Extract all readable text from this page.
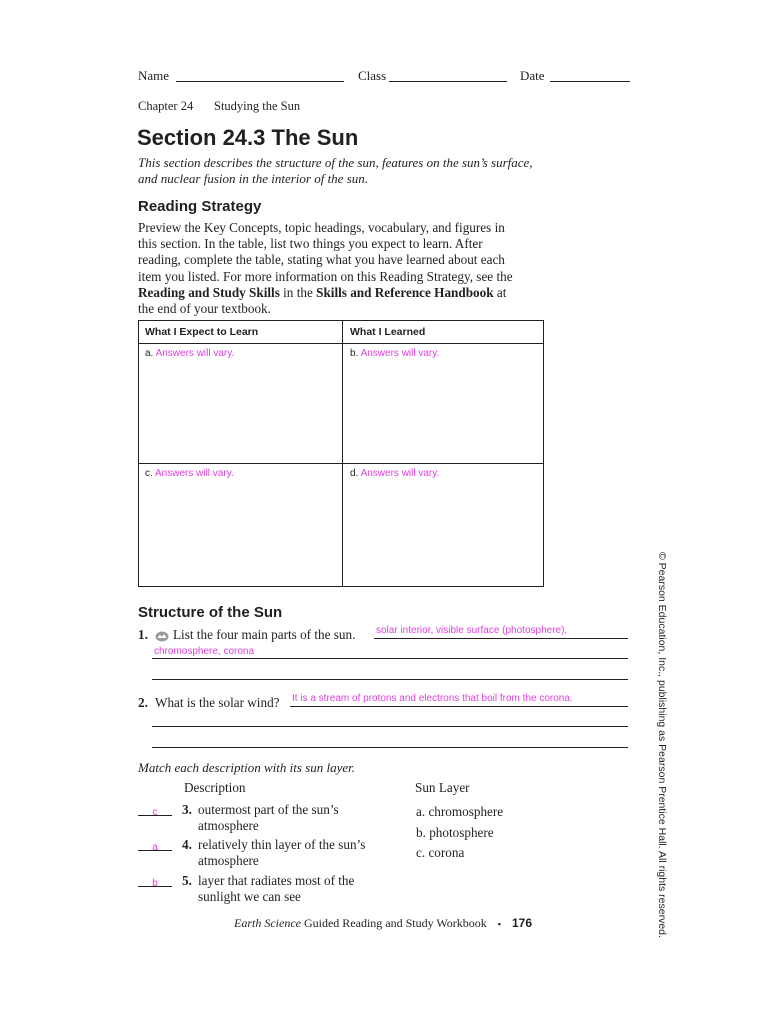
Name	Class	Date
Chapter 24 Studying the Sun
Section 24.3 The Sun
This section describes the structure of the sun, features on the sun’s surface,
and nuclear fusion in the interior of the sun.
Reading Strategy
Preview the Key Concepts, topic headings, vocabulary, and figures in
this section. In the table, list two things you expect to learn. After
reading, complete the table, stating what you have learned about each
item you listed. For more information on this Reading Strategy, see the
Reading and Study Skills in the Skills and Reference Handbook at
the end of your textbook.
What I Expect to Learn	What I Learned
a. Answers will vary.	b. Answers will vary.
c. Answers will vary.	d. Answers will vary.
Structure of the Sun
1. List the four main parts of the sun. solar interior, visible surface (photosphere),
chromosphere, corona
2. What is the solar wind? It is a stream of protons and electrons that boil from the corona.
Match each description with its sun layer.
Description	Sun Layer
c	3. outermost part of the sun’s
atmosphere
a	4. relatively thin layer of the sun’s
atmosphere
b	5. layer that radiates most of the
sunlight we can see
a. chromosphere
b. photosphere
c. corona
Earth Science Guided Reading and Study Workbook ▪ 176	© Pearson Education, Inc., publishing as Pearson Prentice Hall. All rights reserved.
